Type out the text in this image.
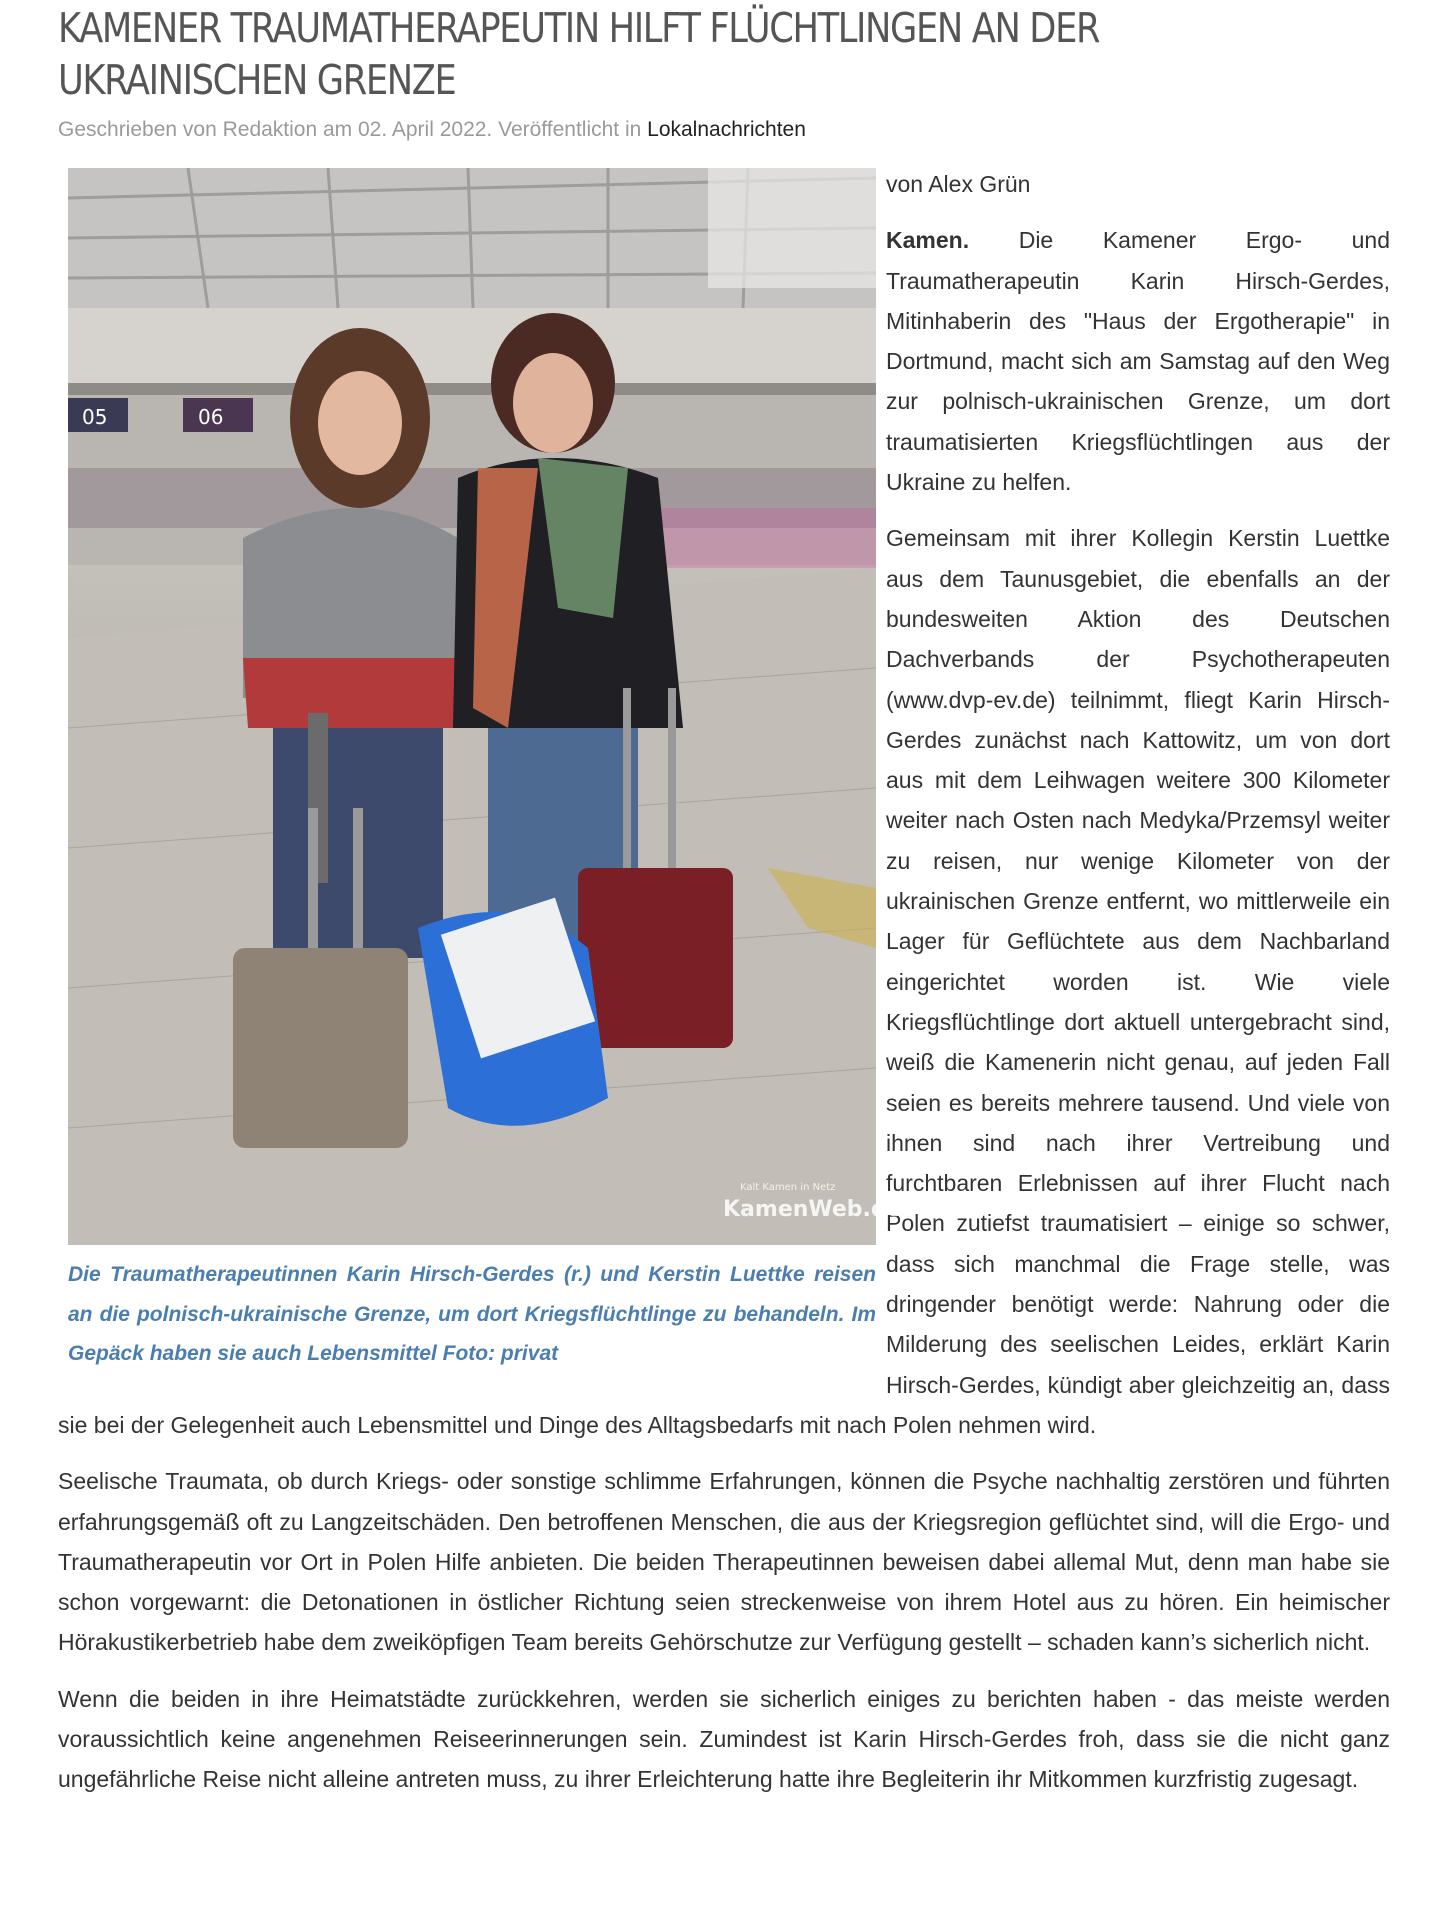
KAMENER TRAUMATHERAPEUTIN HILFT FLÜCHTLINGEN AN DER UKRAINISCHEN GRENZE
Geschrieben von Redaktion am 02. April 2022. Veröffentlicht in Lokalnachrichten
05	06
Kalt Kamen in Netz
KamenWeb.de
Die Traumatherapeutinnen Karin Hirsch-Gerdes (r.) und Kerstin Luettke reisen an die polnisch-ukrainische Grenze, um dort Kriegsflüchtlinge zu behandeln. Im Gepäck haben sie auch Lebensmittel Foto: privat

von Alex Grün

Kamen. Die Kamener Ergo- und Traumatherapeutin Karin Hirsch-Gerdes, Mitinhaberin des "Haus der Ergotherapie" in Dortmund, macht sich am Samstag auf den Weg zur polnisch-ukrainischen Grenze, um dort traumatisierten Kriegsflüchtlingen aus der Ukraine zu helfen.

Gemeinsam mit ihrer Kollegin Kerstin Luettke aus dem Taunusgebiet, die ebenfalls an der bundesweiten Aktion des Deutschen Dachverbands der Psychotherapeuten (www.dvp-ev.de) teilnimmt, fliegt Karin Hirsch-Gerdes zunächst nach Kattowitz, um von dort aus mit dem Leihwagen weitere 300 Kilometer weiter nach Osten nach Medyka/Przemsyl weiter zu reisen, nur wenige Kilometer von der ukrainischen Grenze entfernt, wo mittlerweile ein Lager für Geflüchtete aus dem Nachbarland eingerichtet worden ist. Wie viele Kriegsflüchtlinge dort aktuell untergebracht sind, weiß die Kamenerin nicht genau, auf jeden Fall seien es bereits mehrere tausend. Und viele von ihnen sind nach ihrer Vertreibung und furchtbaren Erlebnissen auf ihrer Flucht nach Polen zutiefst traumatisiert – einige so schwer, dass sich manchmal die Frage stelle, was dringender benötigt werde: Nahrung oder die Milderung des seelischen Leides, erklärt Karin Hirsch-Gerdes, kündigt aber gleichzeitig an, dass sie bei der Gelegenheit auch Lebensmittel und Dinge des Alltagsbedarfs mit nach Polen nehmen wird.

Seelische Traumata, ob durch Kriegs- oder sonstige schlimme Erfahrungen, können die Psyche nachhaltig zerstören und führten erfahrungsgemäß oft zu Langzeitschäden. Den betroffenen Menschen, die aus der Kriegsregion geflüchtet sind, will die Ergo- und Traumatherapeutin vor Ort in Polen Hilfe anbieten. Die beiden Therapeutinnen beweisen dabei allemal Mut, denn man habe sie schon vorgewarnt: die Detonationen in östlicher Richtung seien streckenweise von ihrem Hotel aus zu hören. Ein heimischer Hörakustikerbetrieb habe dem zweiköpfigen Team bereits Gehörschutze zur Verfügung gestellt – schaden kann’s sicherlich nicht.

Wenn die beiden in ihre Heimatstädte zurückkehren, werden sie sicherlich einiges zu berichten haben - das meiste werden voraussichtlich keine angenehmen Reiseerinnerungen sein. Zumindest ist Karin Hirsch-Gerdes froh, dass sie die nicht ganz ungefährliche Reise nicht alleine antreten muss, zu ihrer Erleichterung hatte ihre Begleiterin ihr Mitkommen kurzfristig zugesagt.
